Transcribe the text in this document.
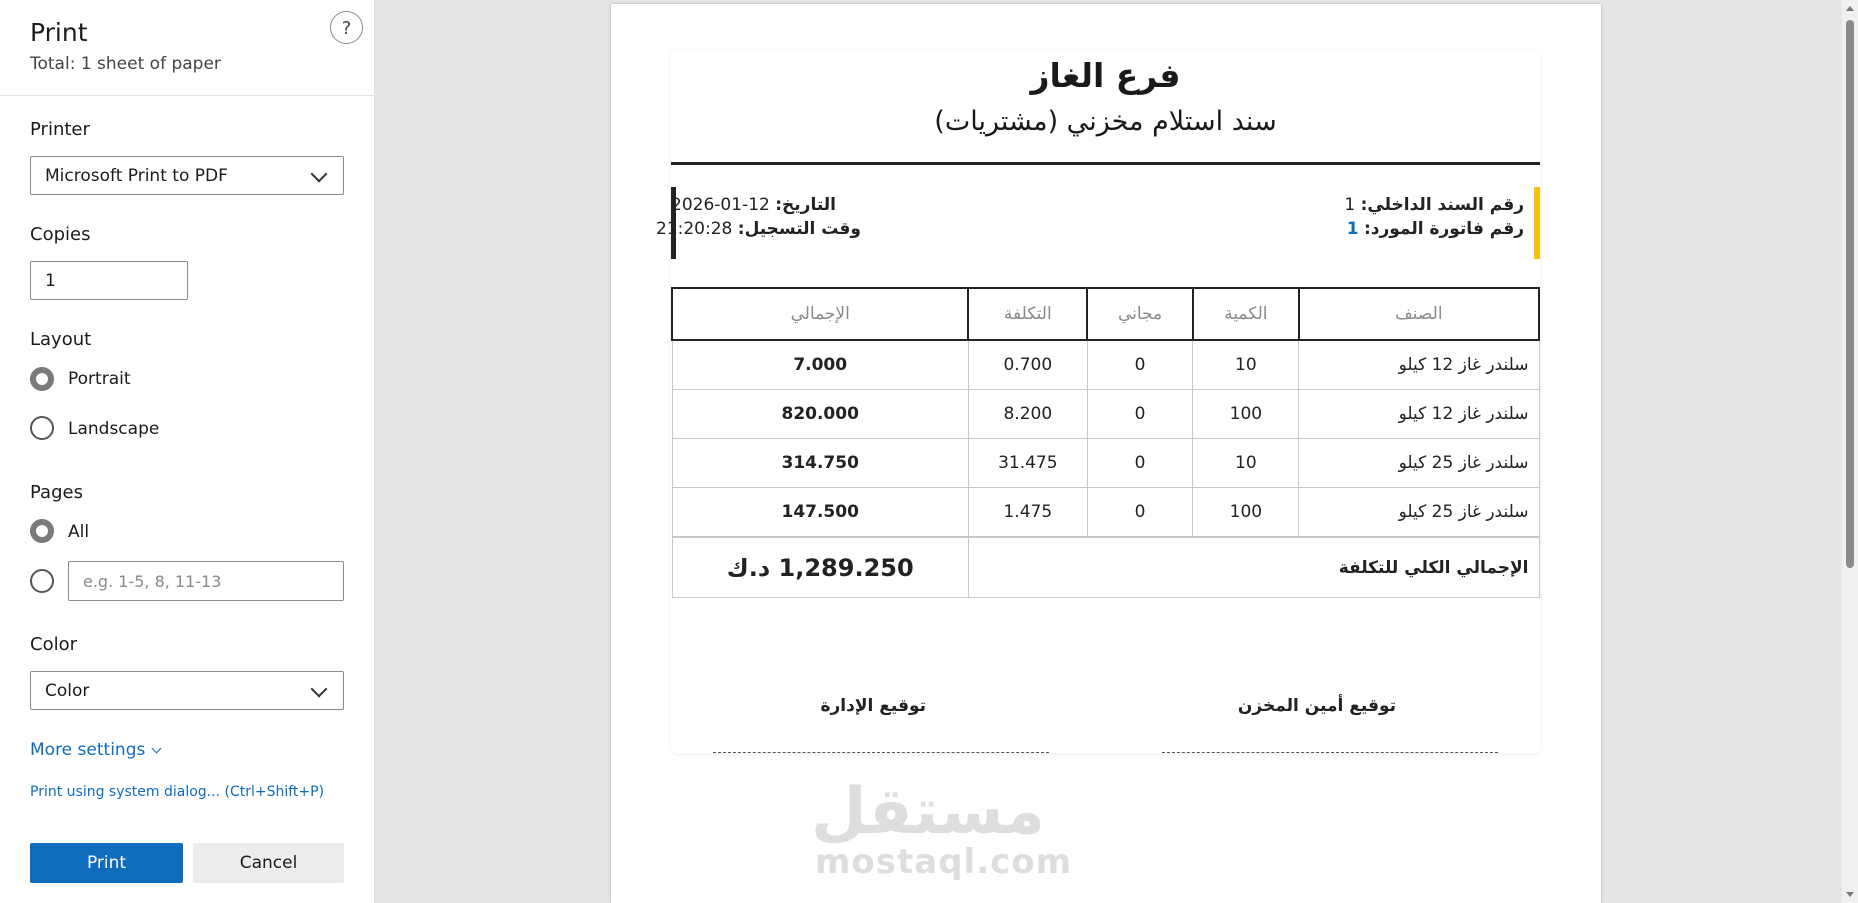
Print
Total: 1 sheet of paper
?
Printer
Microsoft Print to PDF
Copies
1
Layout
Portrait
Landscape
Pages
All
e.g. 1-5, 8, 11-13
Color
Color
More settings
Print using system dialog... (Ctrl+Shift+P)
Print	Cancel
فرع الغاز
سند استلام مخزني (مشتريات)
رقم السند الداخلي: 1
رقم فاتورة المورد: 1
التاريخ: 12-01-2026
وقت التسجيل: 21:20:28
الصنف	الكمية	مجاني	التكلفة	الإجمالي
سلندر غاز 12 كيلو	10	0	0.700	7.000
سلندر غاز 12 كيلو	100	0	8.200	820.000
سلندر غاز 25 كيلو	10	0	31.475	314.750
سلندر غاز 25 كيلو	100	0	1.475	147.500
الإجمالي الكلي للتكلفة				1,289.250 د.ك
توقيع أمين المخزن
توقيع الإدارة
مستقل
mostaql.com
